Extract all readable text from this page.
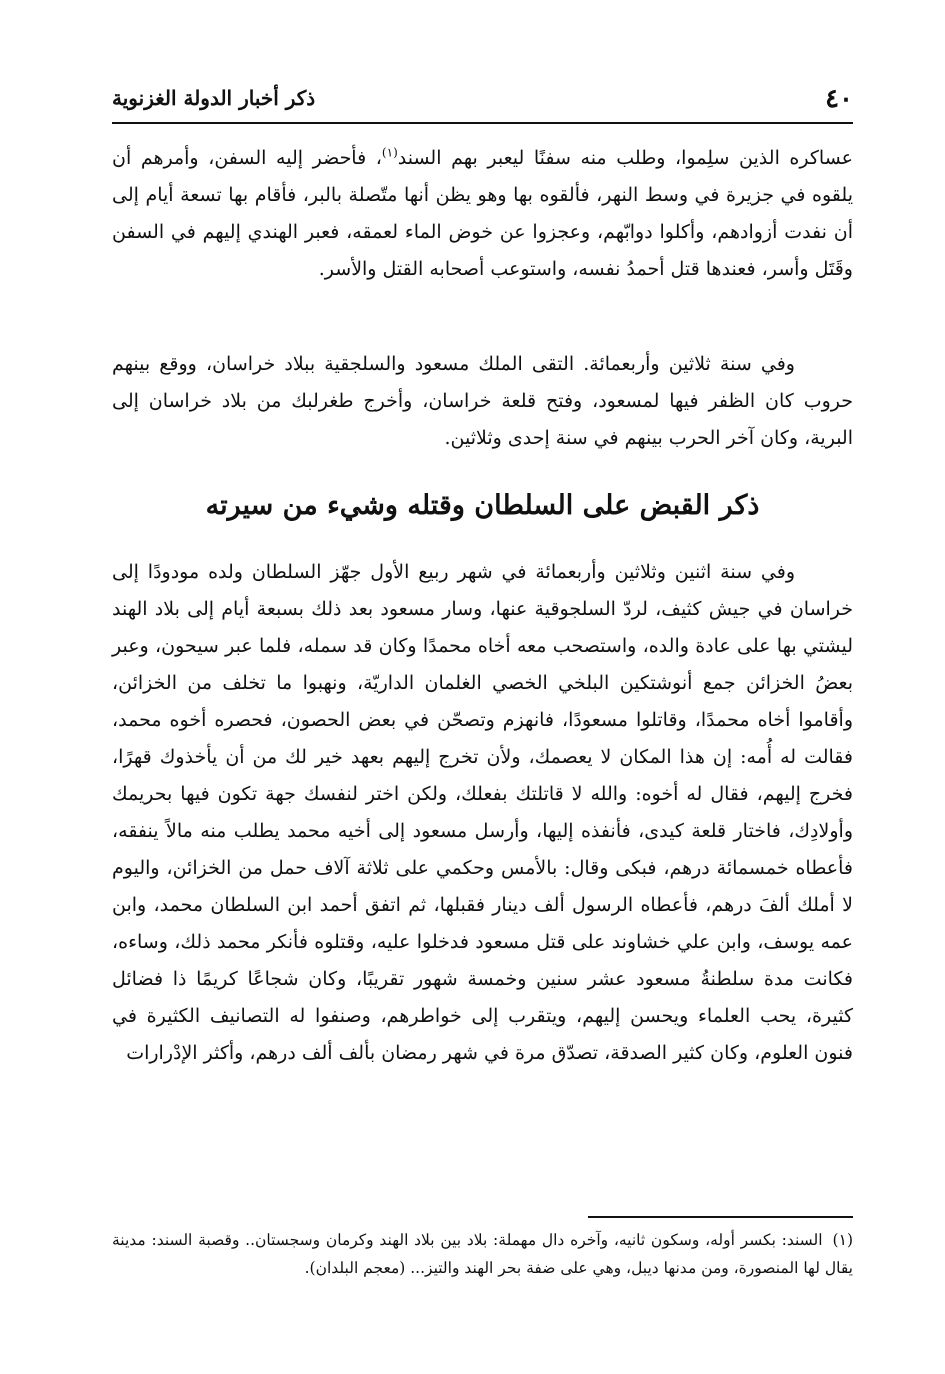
٤٠
ذكر أخبار الدولة الغزنوية

عساكره الذين سلِموا، وطلب منه سفنًا ليعبر بهم السند$^{(١)}$، فأحضر إليه السفن، وأمرهم أن يلقوه في جزيرة في وسط النهر، فألقوه بها وهو يظن أنها متّصلة بالبر، فأقام بها تسعة أيام إلى أن نفدت أزوادهم، وأكلوا دوابّهم، وعجزوا عن خوض الماء لعمقه، فعبر الهندي إليهم في السفن وقَتَل وأسر، فعندها قتل أحمدُ نفسه، واستوعب أصحابه القتل والأسر.

وفي سنة ثلاثين وأربعمائة. التقى الملك مسعود والسلجقية ببلاد خراسان، ووقع بينهم حروب كان الظفر فيها لمسعود، وفتح قلعة خراسان، وأخرج طغرلبك من بلاد خراسان إلى البرية، وكان آخر الحرب بينهم في سنة إحدى وثلاثين.

ذكر القبض على السلطان وقتله وشيء من سيرته

وفي سنة اثنين وثلاثين وأربعمائة في شهر ربيع الأول جهّز السلطان ولده مودودًا إلى خراسان في جيش كثيف، لردّ السلجوقية عنها، وسار مسعود بعد ذلك بسبعة أيام إلى بلاد الهند ليشتي بها على عادة والده، واستصحب معه أخاه محمدًا وكان قد سمله، فلما عبر سيحون، وعبر بعضُ الخزائن جمع أنوشتكين البلخي الخصي الغلمان الداريّة، ونهبوا ما تخلف من الخزائن، وأقاموا أخاه محمدًا، وقاتلوا مسعودًا، فانهزم وتصحّن في بعض الحصون، فحصره أخوه محمد، فقالت له أُمه: إن هذا المكان لا يعصمك، ولأن تخرج إليهم بعهد خير لك من أن يأخذوك قهرًا، فخرج إليهم، فقال له أخوه: والله لا قاتلتك بفعلك، ولكن اختر لنفسك جهة تكون فيها بحريمك وأولادِك، فاختار قلعة كيدى، فأنفذه إليها، وأرسل مسعود إلى أخيه محمد يطلب منه مالاً ينفقه، فأعطاه خمسمائة درهم، فبكى وقال: بالأمس وحكمي على ثلاثة آلاف حمل من الخزائن، واليوم لا أملك ألفَ درهم، فأعطاه الرسول ألف دينار فقبلها، ثم اتفق أحمد ابن السلطان محمد، وابن عمه يوسف، وابن علي خشاوند على قتل مسعود فدخلوا عليه، وقتلوه فأنكر محمد ذلك، وساءه، فكانت مدة سلطنةُ مسعود عشر سنين وخمسة شهور تقريبًا، وكان شجاعًا كريمًا ذا فضائل كثيرة، يحب العلماء ويحسن إليهم، ويتقرب إلى خواطرهم، وصنفوا له التصانيف الكثيرة في فنون العلوم، وكان كثير الصدقة، تصدّق مرة في شهر رمضان بألف ألف درهم، وأكثر الإدْرارات

(١)السند: بكسر أوله، وسكون ثانيه، وآخره دال مهملة: بلاد بين بلاد الهند وكرمان وسجستان.. وقصبة السند: مدينة يقال لها المنصورة، ومن مدنها ديبل، وهي على ضفة بحر الهند والتيز... (معجم البلدان).
